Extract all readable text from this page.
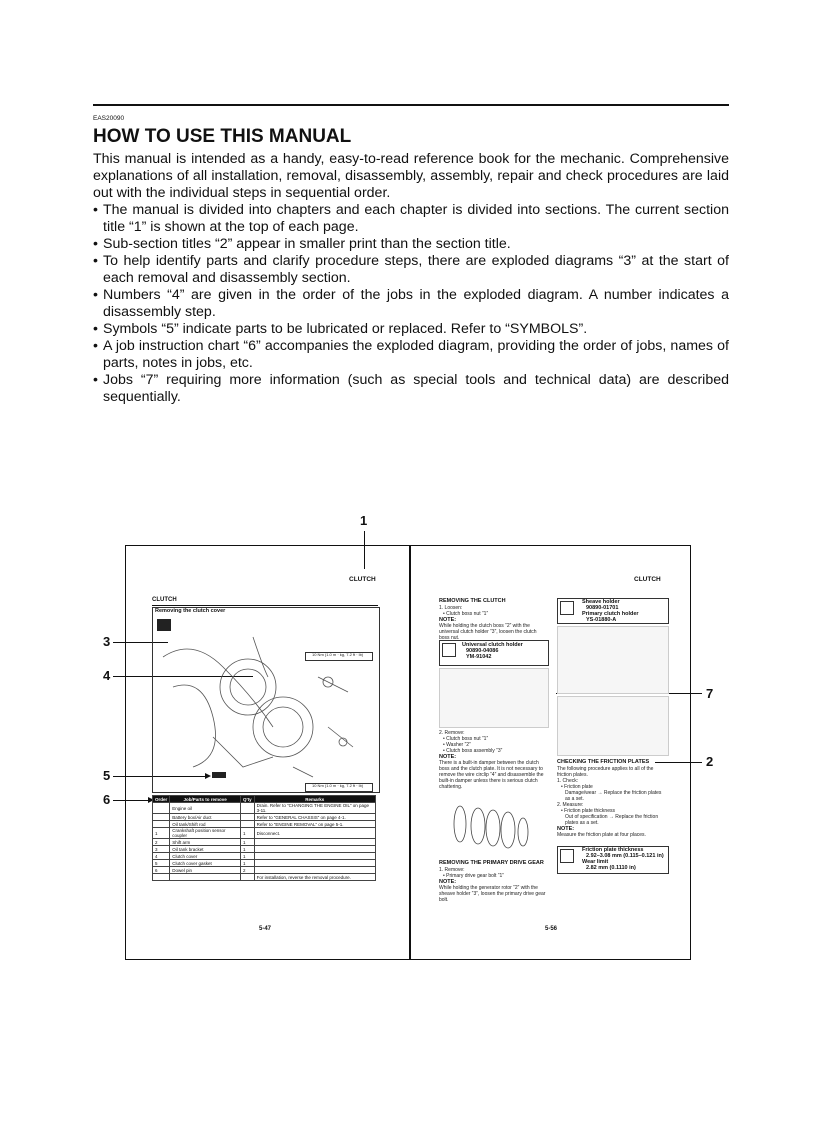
EAS20090
HOW TO USE THIS MANUAL

This manual is intended as a handy, easy-to-read reference book for the mechanic. Comprehensive explanations of all installation, removal, disassembly, assembly, repair and check procedures are laid out with the individual steps in sequential order.

• The manual is divided into chapters and each chapter is divided into sections. The current section title “1” is shown at the top of each page.
• Sub-section titles “2” appear in smaller print than the section title.
• To help identify parts and clarify procedure steps, there are exploded diagrams “3” at the start of each removal and disassembly section.
• Numbers “4” are given in the order of the jobs in the exploded diagram. A number indicates a disassembly step.
• Symbols “5” indicate parts to be lubricated or replaced. Refer to “SYMBOLS”.
• A job instruction chart “6” accompanies the exploded diagram, providing the order of jobs, names of parts, notes in jobs, etc.
• Jobs “7” requiring more information (such as special tools and technical data) are described sequentially.
1
3
4
5
6
7
2
CLUTCH
CLUTCH
Removing the clutch cover
10 Nm (1.0 m · kg, 7.2 ft · lb)
10 Nm (1.0 m · kg, 7.2 ft · lb)
Order	Job/Parts to remove	Q'ty	Remarks
	Engine oil		Drain. Refer to “CHANGING THE ENGINE OIL” on page 3-11.
	Battery box/Air duct		Refer to “GENERAL CHASSIS” on page 4-1.
	Oil tank/Shift rod		Refer to “ENGINE REMOVAL” on page 5-1.
1	Crankshaft position sensor coupler	1	Disconnect.
2	Shift arm	1	
3	Oil tank bracket	1	
4	Clutch cover	1	
5	Clutch cover gasket	1	
6	Dowel pin	2	
			For installation, reverse the removal procedure.
5-47
CLUTCH
REMOVING THE CLUTCH
1. Loosen:
• Clutch boss nut “1”
NOTE:
While holding the clutch boss “2” with the universal clutch holder “3”, loosen the clutch boss nut.
Universal clutch holder
90890-04086
YM-91042
2. Remove:
• Clutch boss nut “1”
• Washer “2”
• Clutch boss assembly “3”
NOTE:
There is a built-in damper between the clutch boss and the clutch plate. It is not necessary to remove the wire circlip “4” and disassemble the built-in damper unless there is serious clutch chattering.
REMOVING THE PRIMARY DRIVE GEAR
1. Remove:
• Primary drive gear bolt “1”
NOTE:
While holding the generator rotor “2” with the sheave holder “3”, loosen the primary drive gear bolt.
Sheave holder
90890-01701
Primary clutch holder
YS-01880-A
CHECKING THE FRICTION PLATES
The following procedure applies to all of the friction plates.
1. Check:
• Friction plate
Damage/wear → Replace the friction plates as a set.
2. Measure:
• Friction plate thickness
Out of specification → Replace the friction plates as a set.
NOTE:
Measure the friction plate at four places.
Friction plate thickness
2.92–3.08 mm (0.115–0.121 in)
Wear limit
2.82 mm (0.1110 in)
5-56
